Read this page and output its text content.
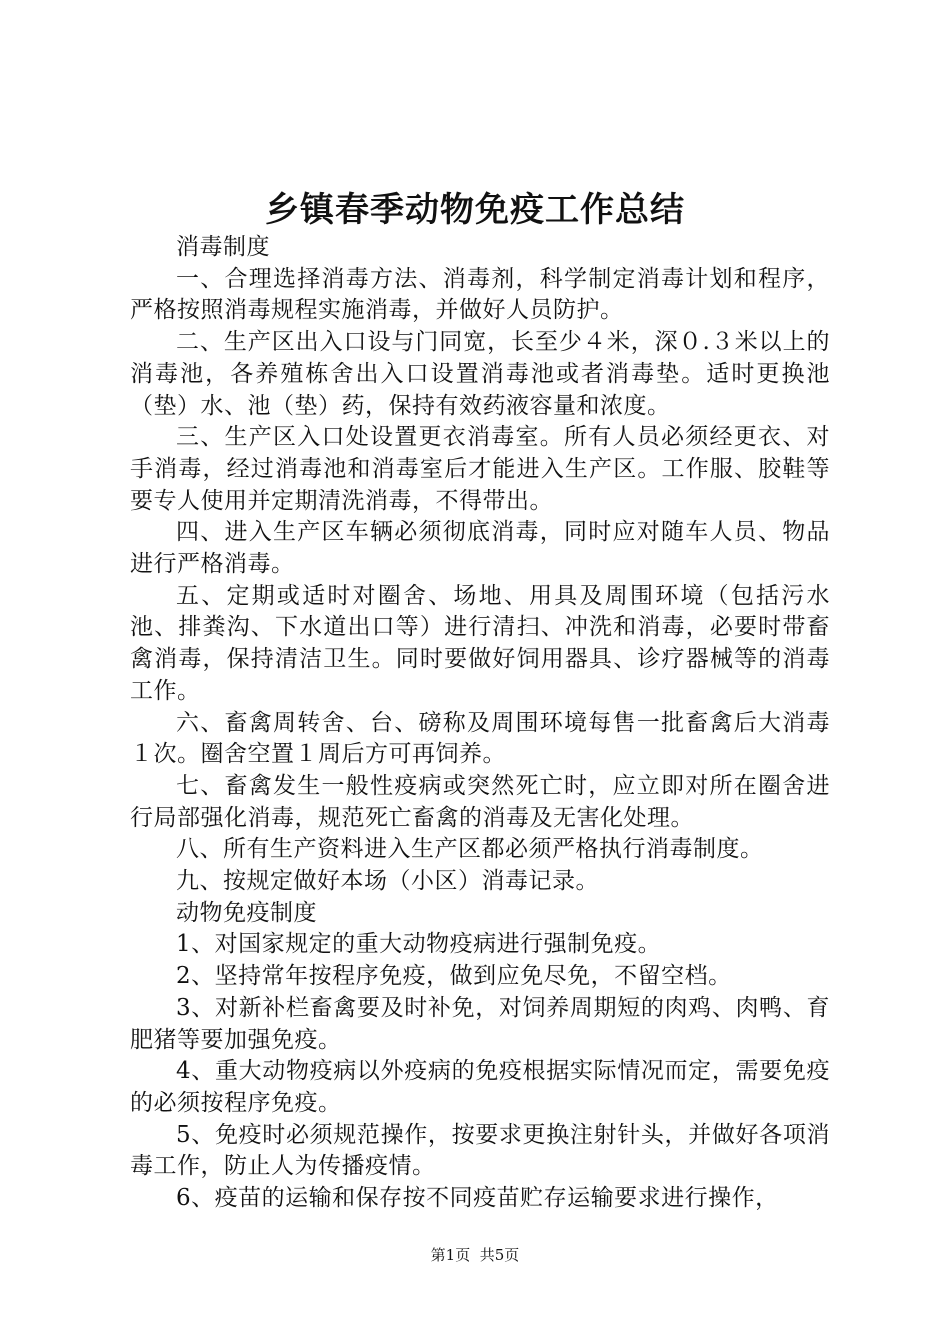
乡镇春季动物免疫工作总结

消毒制度

一、合理选择消毒方法、消毒剂，科学制定消毒计划和程序，严格按照消毒规程实施消毒，并做好人员防护。

二、生产区出入口设与门同宽，长至少４米，深０.３米以上的消毒池，各养殖栋舍出入口设置消毒池或者消毒垫。适时更换池（垫）水、池（垫）药，保持有效药液容量和浓度。

三、生产区入口处设置更衣消毒室。所有人员必须经更衣、对手消毒，经过消毒池和消毒室后才能进入生产区。工作服、胶鞋等要专人使用并定期清洗消毒，不得带出。

四、进入生产区车辆必须彻底消毒，同时应对随车人员、物品进行严格消毒。

五、定期或适时对圈舍、场地、用具及周围环境（包括污水池、排粪沟、下水道出口等）进行清扫、冲洗和消毒，必要时带畜禽消毒，保持清洁卫生。同时要做好饲用器具、诊疗器械等的消毒工作。

六、畜禽周转舍、台、磅称及周围环境每售一批畜禽后大消毒１次。圈舍空置１周后方可再饲养。

七、畜禽发生一般性疫病或突然死亡时，应立即对所在圈舍进行局部强化消毒，规范死亡畜禽的消毒及无害化处理。

八、所有生产资料进入生产区都必须严格执行消毒制度。

九、按规定做好本场（小区）消毒记录。

动物免疫制度

1、对国家规定的重大动物疫病进行强制免疫。

2、坚持常年按程序免疫，做到应免尽免，不留空档。

3、对新补栏畜禽要及时补免，对饲养周期短的肉鸡、肉鸭、育肥猪等要加强免疫。

4、重大动物疫病以外疫病的免疫根据实际情况而定，需要免疫的必须按程序免疫。

5、免疫时必须规范操作，按要求更换注射针头，并做好各项消毒工作，防止人为传播疫情。

6、疫苗的运输和保存按不同疫苗贮存运输要求进行操作，

第1页 共5页
